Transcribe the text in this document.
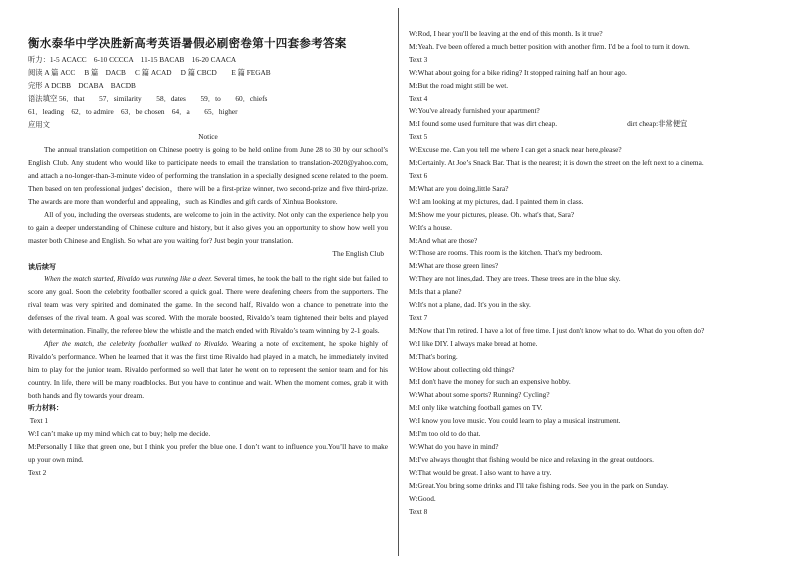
衡水泰华中学决胜新高考英语暑假必刷密卷第十四套参考答案
听力：1-5 ACACC　6-10 CCCCA　11-15 BACAB　16-20 CAACA
阅读 A 篇 ACC　 B 篇　DACB　 C 篇 ACAD　 D 篇 CBCD　　E 篇 FEGAB
完形 A DCBB　DCABA　BACDB
语法填空 56．that　　57．similarity　　58．dates　　59．to　　60．chiefs
61．leading　62．to admire　63．be chosen　64．a　　65．higher
应用文
Notice
The annual translation competition on Chinese poetry is going to be held online from June 28 to 30 by our school’s English Club. Any student who would like to participate needs to email the translation to translation-2020@yahoo.com, and attach a no-longer-than-3-minute video of performing the translation in a specially designed scene related to the poem. Then based on ten professional judges’ decision，there will be a first-prize winner, two second-prize and five third-prize. The awards are more than wonderful and appealing，such as Kindles and gift cards of Xinhua Bookstore.
All of you, including the overseas students, are welcome to join in the activity. Not only can the experience help you to gain a deeper understanding of Chinese culture and history, but it also gives you an opportunity to show how well you master both Chinese and English. So what are you waiting for? Just begin your translation.
The English Club
读后续写
When the match started, Rivaldo was running like a deer. Several times, he took the ball to the right side but failed to score any goal. Soon the celebrity footballer scored a quick goal. There were deafening cheers from the supporters. The rival team was very spirited and dominated the game. In the second half, Rivaldo won a chance to penetrate into the defenses of the rival team. A goal was scored. With the morale boosted, Rivaldo’s team tightened their belts and played with determination. Finally, the referee blew the whistle and the match ended with Rivaldo’s team winning by 2-1 goals.
After the match, the celebrity footballer walked to Rivaldo. Wearing a note of excitement, he spoke highly of Rivaldo’s performance. When he learned that it was the first time Rivaldo had played in a match, he immediately invited him to play for the junior team. Rivaldo performed so well that later he went on to represent the senior team and for his country. In life, there will be many roadblocks. But you have to continue and wait. When the moment comes, grab it with both hands and fly towards your dream.
听力材料：
Text 1
W:I can’t make up my mind which cat to buy; help me decide.
M:Personally I like that green one, but I think you prefer the blue one. I don’t want to influence you.You’ll have to make up your own mind.
Text 2
W:Rod, I hear you'll be leaving at the end of this month. Is it true?
M:Yeah. I've been offered a much better position with another firm. I'd be a fool to turn it down.
Text 3
W:What about going for a bike riding? It stopped raining half an hour ago.
M:But the road might still be wet.
Text 4
W:You've already furnished your apartment?
M:I found some used furniture that was dirt cheap.	dirt cheap:非常便宜
Text 5
W:Excuse me. Can you tell me where I can get a snack near here,please?
M:Certainly. At Joe’s Snack Bar. That is the nearest; it is down the street on the left next to a cinema.
Text 6
M:What are you doing,little Sara?
W:I am looking at my pictures, dad. I painted them in class.
M:Show me your pictures, please. Oh. what's that, Sara?
W:It's a house.
M:And what are those?
W:Those are rooms. This room is the kitchen. That's my bedroom.
M:What are those green lines?
W:They are not lines,dad. They are trees. These trees are in the blue sky.
M:Is that a plane?
W:It's not a plane, dad. It's you in the sky.
Text 7
M:Now that I'm retired. I have a lot of free time. I just don't know what to do. What do you often do?
W:I like DIY. I always make bread at home.
M:That's boring.
W:How about collecting old things?
M:I don't have the money for such an expensive hobby.
W:What about some sports? Running? Cycling?
M:I only like watching football games on TV.
W:I know you love music. You could learn to play a musical instrument.
M:I'm too old to do that.
W:What do you have in mind?
M:I've always thought that fishing would be nice and relaxing in the great outdoors.
W:That would be great. I also want to have a try.
M:Great.You bring some drinks and I'll take fishing rods. See you in the park on Sunday.
W:Good.
Text 8
